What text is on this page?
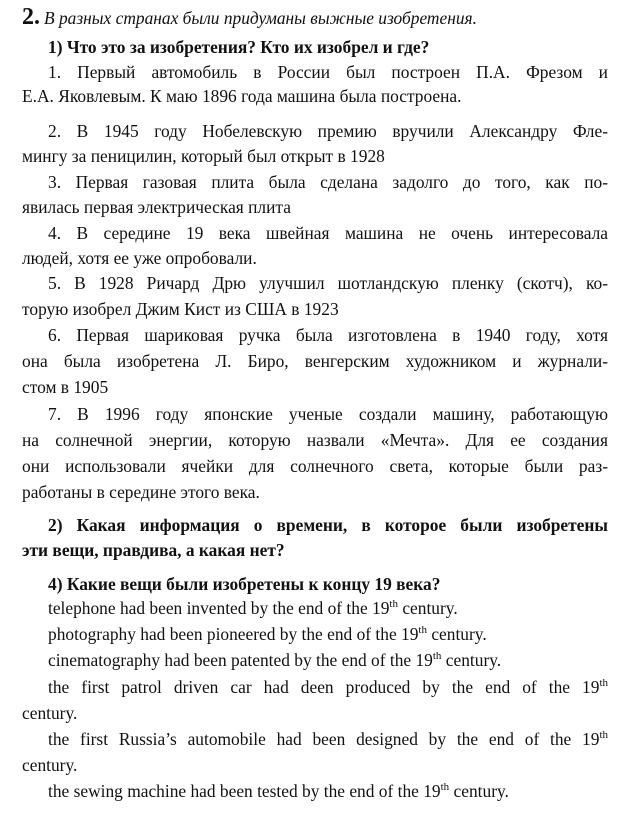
2. В разных странах были придуманы выжные изобретения.

1) Что это за изобретения? Кто их изобрел и где?

1. Первый автомобиль в России был построен П.А. Фрезом и

Е.А. Яковлевым. К маю 1896 года машина была построена.

2. В 1945 году Нобелевскую премию вручили Александру Фле-

мингу за пеницилин, который был открыт в 1928

3. Первая газовая плита была сделана задолго до того, как по-

явилась первая электрическая плита

4. В середине 19 века швейная машина не очень интересовала

людей, хотя ее уже опробовали.

5. В 1928 Ричард Дрю улучшил шотландскую пленку (скотч), ко-

торую изобрел Джим Кист из США в 1923

6. Первая шариковая ручка была изготовлена в 1940 году, хотя

она была изобретена Л. Биро, венгерским художником и журнали-

стом в 1905

7. В 1996 году японские ученые создали машину, работающую

на солнечной энергии, которую назвали «Мечта». Для ее создания

они использовали ячейки для солнечного света, которые были раз-

работаны в середине этого века.

2) Какая информация о времени, в которое были изобретены

эти вещи, правдива, а какая нет?

4) Какие вещи были изобретены к концу 19 века?

telephone had been invented by the end of the 19th century.

photography had been pioneered by the end of the 19th century.

cinematography had been patented by the end of the 19th century.

the first patrol driven car had deen produced by the end of the 19th

century.

the first Russia’s automobile had been designed by the end of the 19th

century.

the sewing machine had been tested by the end of the 19th century.
